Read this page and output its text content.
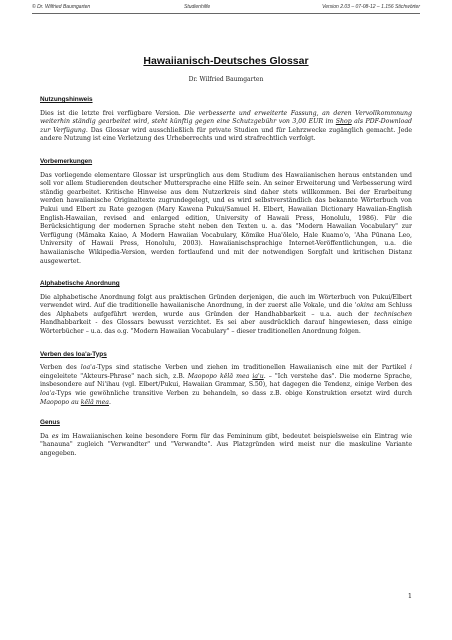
© Dr. Wilfried Baumgarten	Studienhilfe	Version 2.03 – 07-08-12 – 1.156 Stichwörter
Hawaiianisch-Deutsches Glossar
Dr. Wilfried Baumgarten
Nutzungshinweis

Dies ist die letzte frei verfügbare Version. Die verbesserte und erweiterte Fassung, an deren Vervollkommnung weiterhin ständig gearbeitet wird, steht künftig gegen eine Schutzgebühr von 3,00 EUR im Shop als PDF-Download zur Verfügung. Das Glossar wird ausschließlich für private Studien und für Lehrzwecke zugänglich gemacht. Jede andere Nutzung ist eine Verletzung des Urheberrechts und wird strafrechtlich verfolgt.

Vorbemerkungen

Das vorliegende elementare Glossar ist ursprünglich aus dem Studium des Hawaiianischen heraus entstanden und soll vor allem Studierenden deutscher Muttersprache eine Hilfe sein. An seiner Erweiterung und Verbesserung wird ständig gearbeitet. Kritische Hinweise aus dem Nutzerkreis sind daher stets willkommen. Bei der Erarbeitung werden hawaiianische Originaltexte zugrundegelegt, und es wird selbstverständlich das bekannte Wörterbuch von Pukui und Elbert zu Rate gezogen (Mary Kawena Pukui/Samuel H. Elbert, Hawaiian Dictionary Hawaiian-English English-Hawaiian, revised and enlarged edition, University of Hawaii Press, Honolulu, 1986). Für die Berücksichtigung der modernen Sprache steht neben den Texten u. a. das "Modern Hawaiian Vocabulary" zur Verfügung (Māmaka Kaiao, A Modern Hawaiian Vocabulary, Kōmike Hua'ōlelo, Hale Kuamo'o, 'Aha Pūnana Leo, University of Hawaii Press, Honolulu, 2003). Hawaiianischsprachige Internet-Veröffentlichungen, u.a. die hawaiianische Wikipedia-Version, werden fortlaufend und mit der notwendigen Sorgfalt und kritischen Distanz ausgewertet.

Alphabetische Anordnung

Die alphabetische Anordnung folgt aus praktischen Gründen derjenigen, die auch im Wörterbuch von Pukui/Elbert verwendet wird. Auf die traditionelle hawaiianische Anordnung, in der zuerst alle Vokale, und die 'okina am Schluss des Alphabets aufgeführt werden, wurde aus Gründen der Handhabbarkeit – u.a. auch der technischen Handhabbarkeit - des Glossars bewusst verzichtet. Es sei aber ausdrücklich darauf hingewiesen, dass einige Wörterbücher – u.a. das o.g. "Modern Hawaiian Vocabulary" – dieser traditionellen Anordnung folgen.

Verben des loa'a-Typs

Verben des loa'a-Typs sind statische Verben und ziehen im traditionellen Hawaiianisch eine mit der Partikel i eingeleitete "Akteurs-Phrase" nach sich, z.B. Maopopo kēlā mea ia'u. – "Ich verstehe das". Die moderne Sprache, insbesondere auf Ni'ihau (vgl. Elbert/Pukui, Hawaiian Grammar, S.50), hat dagegen die Tendenz, einige Verben des loa'a-Typs wie gewöhnliche transitive Verben zu behandeln, so dass z.B. obige Konstruktion ersetzt wird durch Maopopo au kēlā mea.

Genus

Da es im Hawaiianischen keine besondere Form für das Femininum gibt, bedeutet beispielsweise ein Eintrag wie "hanauna" zugleich "Verwandter" und "Verwandte". Aus Platzgründen wird meist nur die maskuline Variante angegeben.

1
